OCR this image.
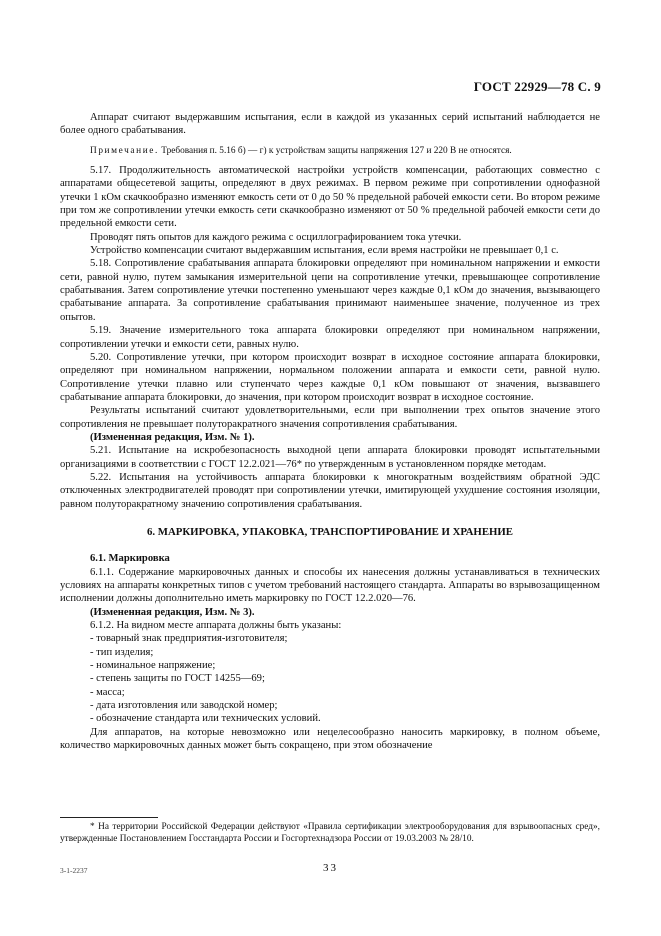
ГОСТ 22929—78 С. 9

Аппарат считают выдержавшим испытания, если в каждой из указанных серий испытаний наблюдается не более одного срабатывания.

Примечание. Требования п. 5.16 б) — г) к устройствам защиты напряжения 127 и 220 В не относятся.

5.17. Продолжительность автоматической настройки устройств компенсации, работающих совместно с аппаратами общесетевой защиты, определяют в двух режимах. В первом режиме при сопротивлении однофазной утечки 1 кОм скачкообразно изменяют емкость сети от 0 до 50 % предельной рабочей емкости сети. Во втором режиме при том же сопротивлении утечки емкость сети скачкообразно изменяют от 50 % предельной рабочей емкости сети до предельной емкости сети.

Проводят пять опытов для каждого режима с осциллографированием тока утечки.

Устройство компенсации считают выдержавшим испытания, если время настройки не превышает 0,1 с.

5.18. Сопротивление срабатывания аппарата блокировки определяют при номинальном напряжении и емкости сети, равной нулю, путем замыкания измерительной цепи на сопротивление утечки, превышающее сопротивление срабатывания. Затем сопротивление утечки постепенно уменьшают через каждые 0,1 кОм до значения, вызывающего срабатывание аппарата. За сопротивление срабатывания принимают наименьшее значение, полученное из трех опытов.

5.19. Значение измерительного тока аппарата блокировки определяют при номинальном напряжении, сопротивлении утечки и емкости сети, равных нулю.

5.20. Сопротивление утечки, при котором происходит возврат в исходное состояние аппарата блокировки, определяют при номинальном напряжении, нормальном положении аппарата и емкости сети, равной нулю. Сопротивление утечки плавно или ступенчато через каждые 0,1 кОм повышают от значения, вызвавшего срабатывание аппарата блокировки, до значения, при котором происходит возврат в исходное состояние.

Результаты испытаний считают удовлетворительными, если при выполнении трех опытов значение этого сопротивления не превышает полуторакратного значения сопротивления срабатывания.

(Измененная редакция, Изм. № 1).

5.21. Испытание на искробезопасность выходной цепи аппарата блокировки проводят испытательными организациями в соответствии с ГОСТ 12.2.021—76* по утвержденным в установленном порядке методам.

5.22. Испытания на устойчивость аппарата блокировки к многократным воздействиям обратной ЭДС отключенных электродвигателей проводят при сопротивлении утечки, имитирующей ухудшение состояния изоляции, равном полуторакратному значению сопротивления срабатывания.

6. МАРКИРОВКА, УПАКОВКА, ТРАНСПОРТИРОВАНИЕ И ХРАНЕНИЕ

6.1. Маркировка

6.1.1. Содержание маркировочных данных и способы их нанесения должны устанавливаться в технических условиях на аппараты конкретных типов с учетом требований настоящего стандарта. Аппараты во взрывозащищенном исполнении должны дополнительно иметь маркировку по ГОСТ 12.2.020—76.

(Измененная редакция, Изм. № 3).

6.1.2. На видном месте аппарата должны быть указаны:

- товарный знак предприятия-изготовителя;
- тип изделия;
- номинальное напряжение;
- степень защиты по ГОСТ 14255—69;
- масса;
- дата изготовления или заводской номер;
- обозначение стандарта или технических условий.

Для аппаратов, на которые невозможно или нецелесообразно наносить маркировку, в полном объеме, количество маркировочных данных может быть сокращено, при этом обозначение

* На территории Российской Федерации действуют «Правила сертификации электрооборудования для взрывоопасных сред», утвержденные Постановлением Госстандарта России и Госгортехнадзора России от 19.03.2003 № 28/10.

3-1-2237	33
